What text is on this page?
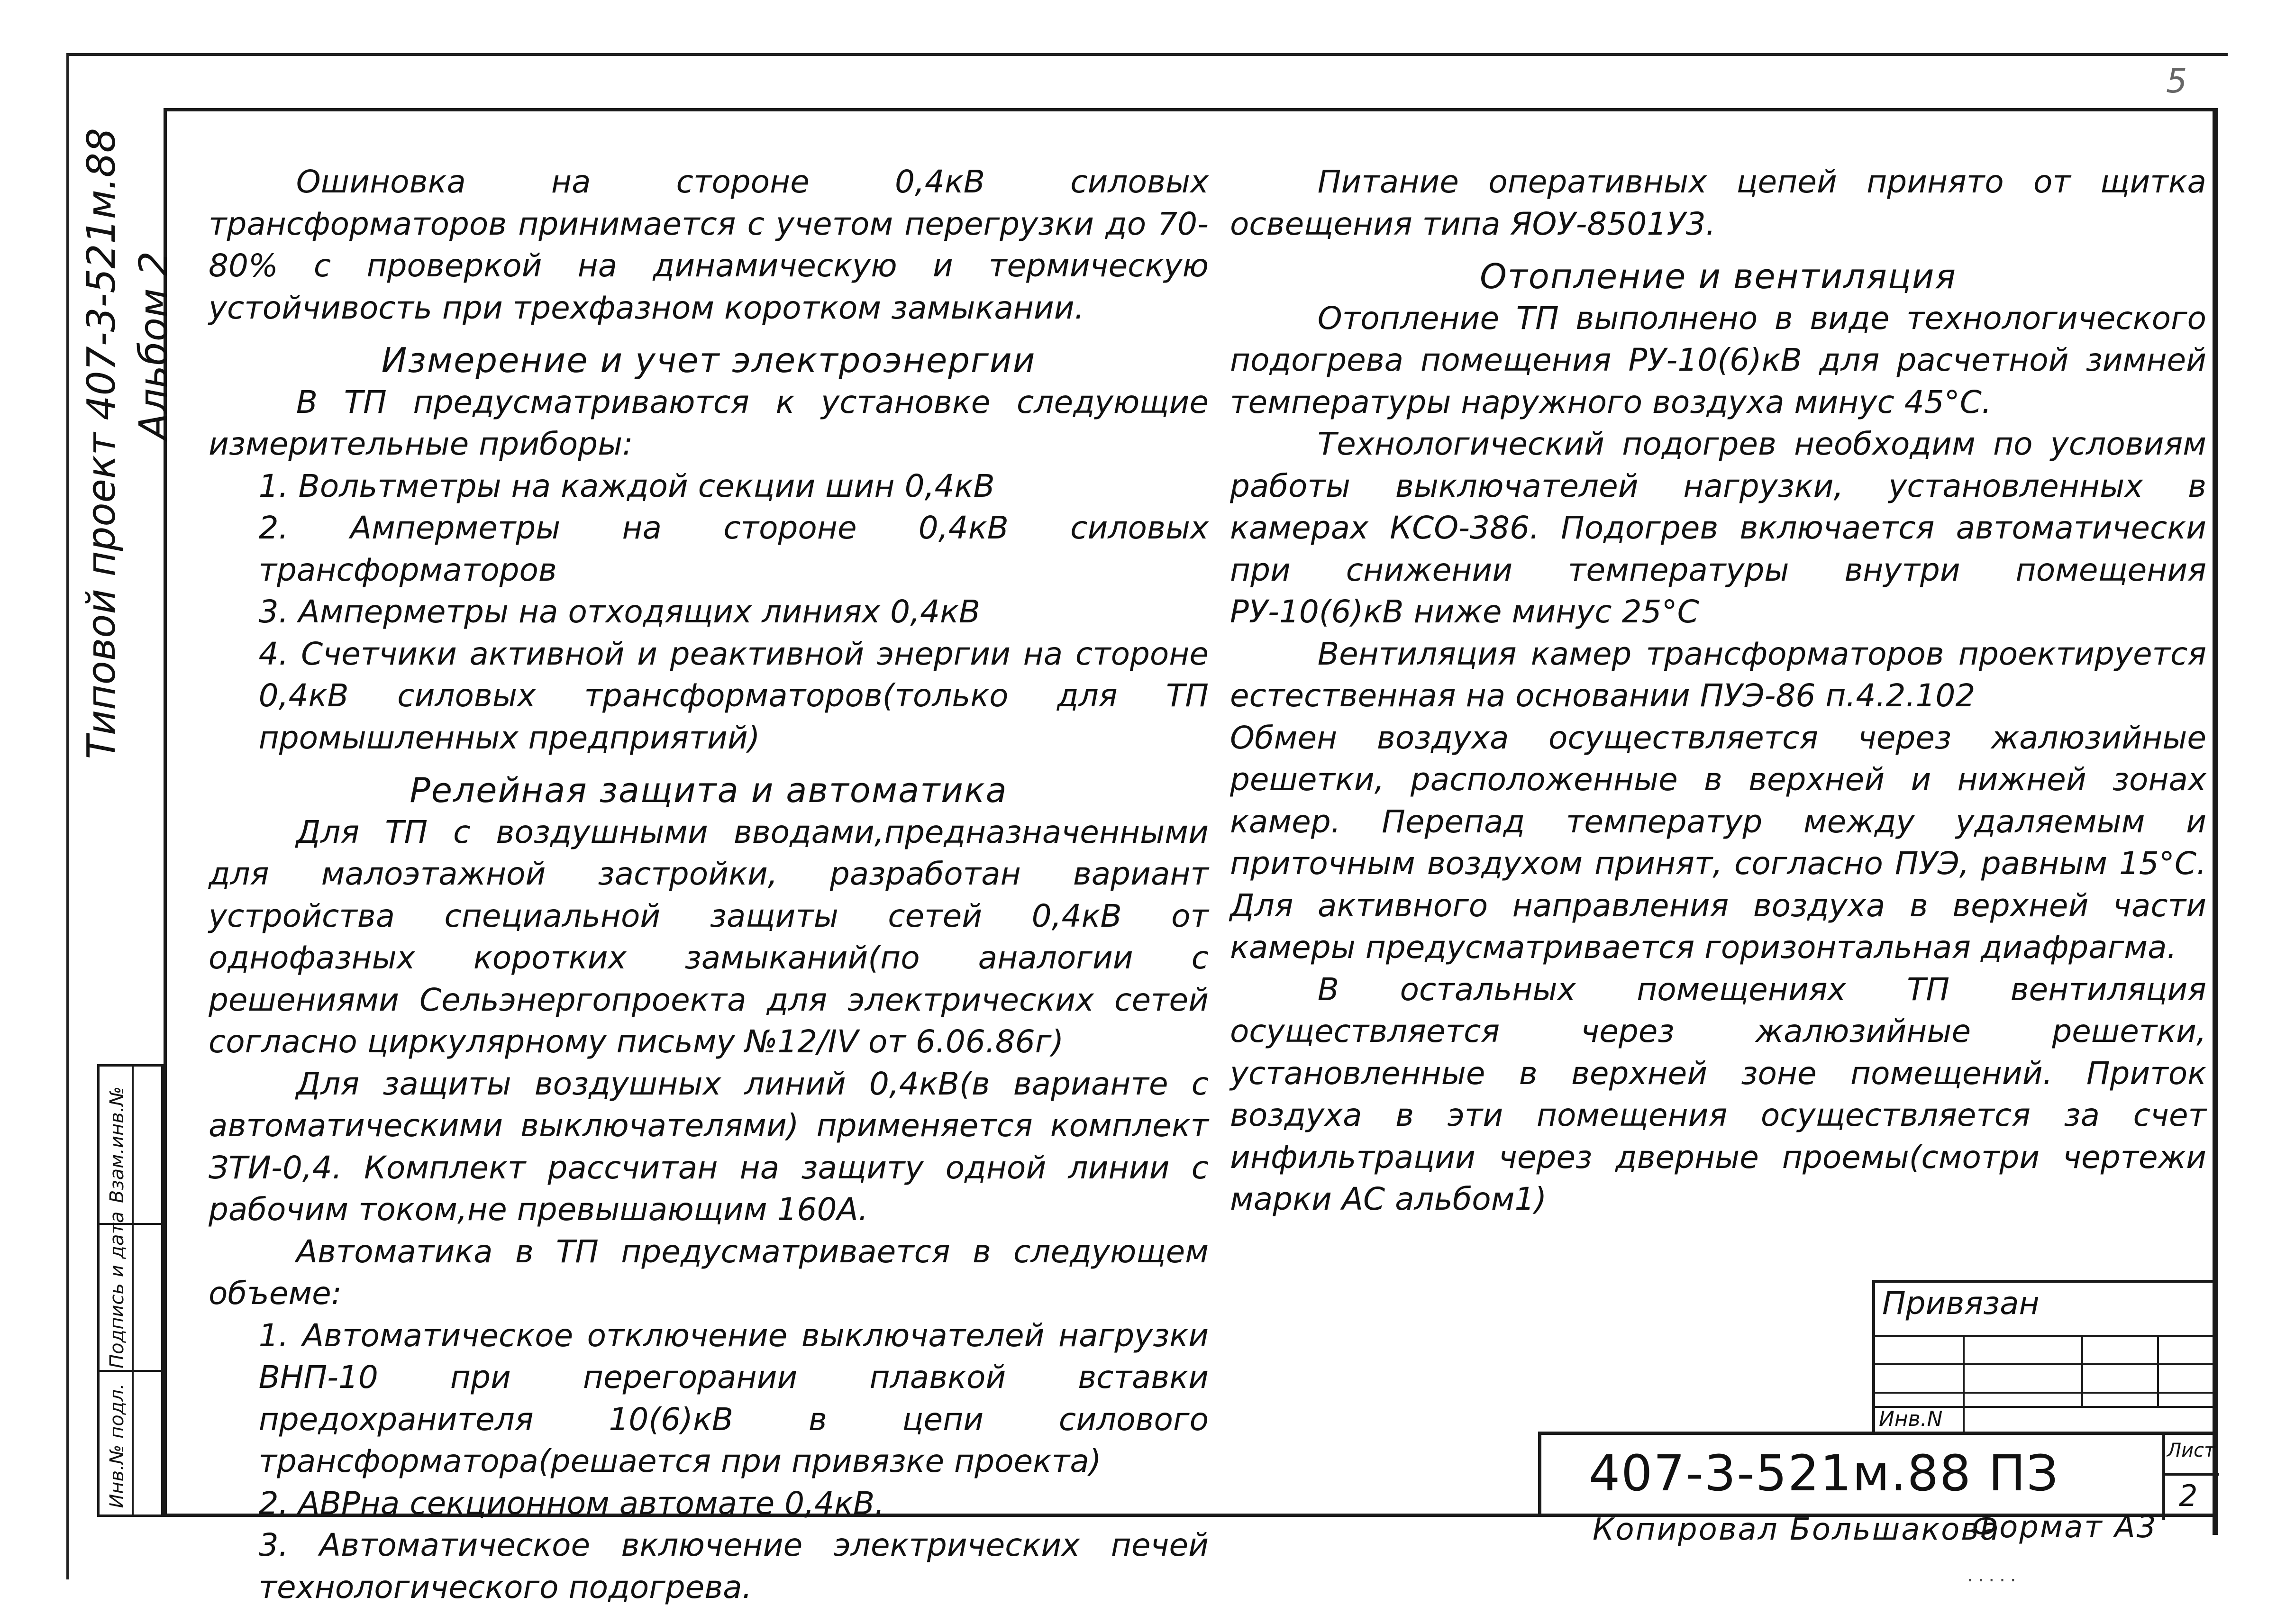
5
Типовой проект 407-3-521м.88 Альбом 2
Инв.№ подл.
Подпись и дата
Взам.инв.№

Ошиновка на стороне 0,4кВ силовых трансформаторов принимается с учетом перегрузки до 70-80% с проверкой на динамическую и термическую устойчивость при трехфазном коротком замыкании.

Измерение и учет электроэнергии

В ТП предусматриваются к установке следующие измерительные приборы:

1. Вольтметры на каждой секции шин 0,4кВ

2. Амперметры на стороне 0,4кВ силовых трансформаторов

3. Амперметры на отходящих линиях 0,4кВ

4. Счетчики активной и реактивной энергии на стороне 0,4кВ силовых трансформаторов(только для ТП промышленных предприятий)

Релейная защита и автоматика

Для ТП с воздушными вводами,предназначенными для малоэтажной застройки, разработан вариант устройства специальной защиты сетей 0,4кВ от однофазных коротких замыканий(по аналогии с решениями Сельэнергопроекта для электрических сетей согласно циркулярному письму №12/IV от 6.06.86г)

Для защиты воздушных линий 0,4кВ(в варианте с автоматическими выключателями) применяется комплект ЗТИ-0,4. Комплект рассчитан на защиту одной линии с рабочим током,не превышающим 160А.

Автоматика в ТП предусматривается в следующем объеме:

1. Автоматическое отключение выключателей нагрузки ВНП-10 при перегорании плавкой вставки предохранителя 10(6)кВ в цепи силового трансформатора(решается при привязке проекта)

2. АВРна секционном автомате 0,4кВ.

3. Автоматическое включение электрических печей технологического подогрева.

Питание оперативных цепей принято от щитка освещения типа ЯОУ-8501У3.

Отопление и вентиляция

Отопление ТП выполнено в виде технологического подогрева помещения РУ-10(6)кВ для расчетной зимней температуры наружного воздуха минус 45°С.

Технологический подогрев необходим по условиям работы выключателей нагрузки, установленных в камерах КСО-386. Подогрев включается автоматически при снижении температуры внутри помещения РУ-10(6)кВ ниже минус 25°С

Вентиляция камер трансформаторов проектируется естественная на основании ПУЭ-86 п.4.2.102

Обмен воздуха осуществляется через жалюзийные решетки, расположенные в верхней и нижней зонах камер. Перепад температур между удаляемым и приточным воздухом принят, согласно ПУЭ, равным 15°С. Для активного направления воздуха в верхней части камеры предусматривается горизонтальная диафрагма.

В остальных помещениях ТП вентиляция осуществляется через жалюзийные решетки, установленные в верхней зоне помещений. Приток воздуха в эти помещения осуществляется за счет инфильтрации через дверные проемы(смотри чертежи марки АС альбом1)

Привязан
Инв.N
407-3-521м.88 ПЗ	Лист
2
Копировал Большакова
Формат А3
.....
